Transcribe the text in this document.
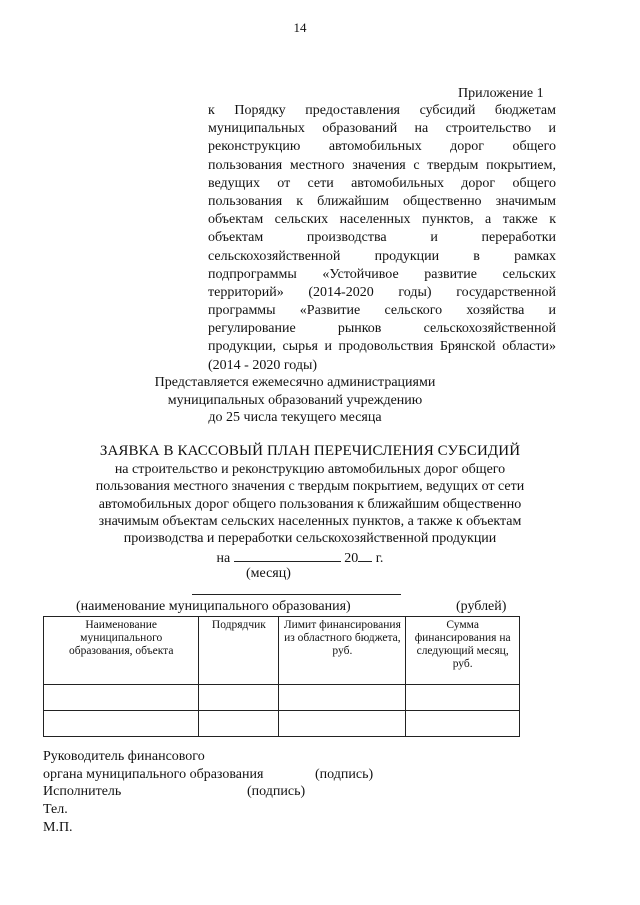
14
Приложение 1
к Порядку предоставления субсидий бюджетам
муниципальных образований на строительство и
реконструкцию автомобильных дорог общего
пользования местного значения с твердым покрытием,
ведущих от сети автомобильных дорог общего
пользования к ближайшим общественно значимым
объектам сельских населенных пунктов, а также к
объектам производства и переработки
сельскохозяйственной продукции в рамках
подпрограммы «Устойчивое развитие сельских
территорий» (2014-2020 годы) государственной
программы «Развитие сельского хозяйства и
регулирование рынков сельскохозяйственной
продукции, сырья и продовольствия Брянской области»
(2014 - 2020 годы)
Представляется ежемесячно администрациями
муниципальных образований учреждению
до 25 числа текущего месяца
ЗАЯВКА В КАССОВЫЙ ПЛАН ПЕРЕЧИСЛЕНИЯ СУБСИДИЙ
на строительство и реконструкцию автомобильных дорог общего
пользования местного значения с твердым покрытием, ведущих от сети
автомобильных дорог общего пользования к ближайшим общественно
значимым объектам сельских населенных пунктов, а также к объектам
производства и переработки сельскохозяйственной продукции
на	20 г.
(месяц)
(наименование муниципального образования)	(рублей)
Наименование муниципального образования, объекта	Подрядчик	Лимит финансирования из областного бюджета, руб.	Сумма финансирования на следующий месяц, руб.

Руководитель финансового
органа муниципального образования	(подпись)
Исполнитель	(подпись)
Тел.
М.П.
